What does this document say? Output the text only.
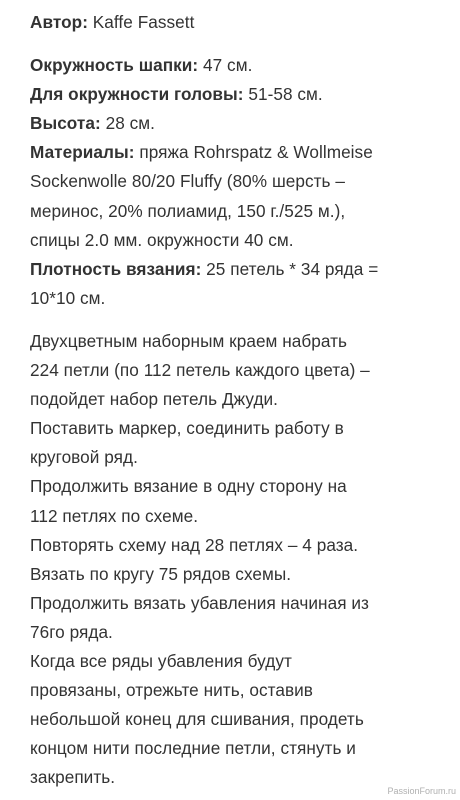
Автор: Kaffe Fassett
Окружность шапки: 47 см.
Для окружности головы: 51-58 см.
Высота: 28 см.
Материалы: пряжа Rohrspatz & Wollmeise
Sockenwolle 80/20 Fluffy (80% шерсть –
меринос, 20% полиамид, 150 г./525 м.),
спицы 2.0 мм. окружности 40 см.
Плотность вязания: 25 петель * 34 ряда =
10*10 см.
Двухцветным наборным краем набрать
224 петли (по 112 петель каждого цвета) –
подойдет набор петель Джуди.
Поставить маркер, соединить работу в
круговой ряд.
Продолжить вязание в одну сторону на
112 петлях по схеме.
Повторять схему над 28 петлях – 4 раза.
Вязать по кругу 75 рядов схемы.
Продолжить вязать убавления начиная из
76го ряда.
Когда все ряды убавления будут
провязаны, отрежьте нить, оставив
небольшой конец для сшивания, продеть
концом нити последние петли, стянуть и
закрепить.
PassionForum.ru
